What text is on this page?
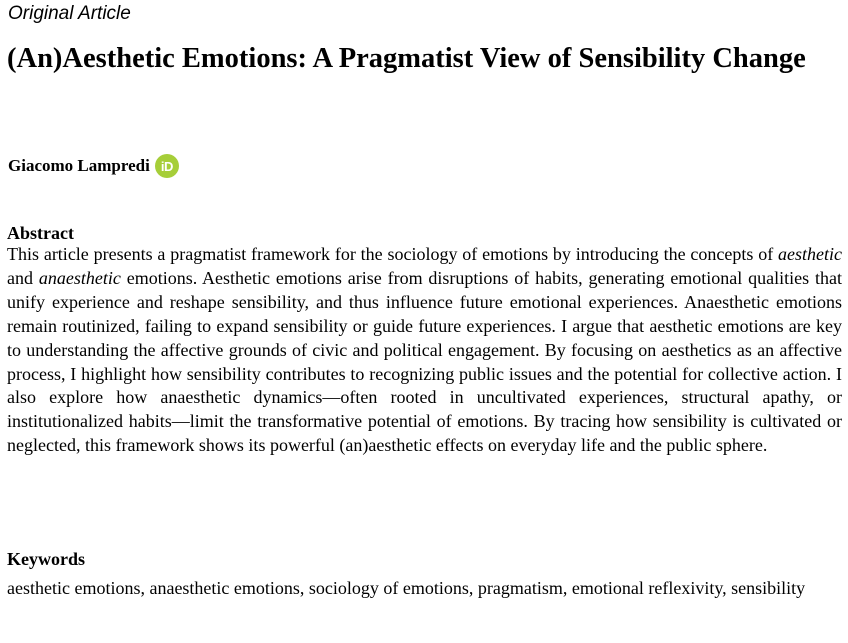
Original Article

(An)Aesthetic Emotions: A Pragmatist View of Sensibility Change
Giacomo Lampredi iD
Abstract

This article presents a pragmatist framework for the sociology of emotions by introducing the concepts of aesthetic and anaesthetic emotions. Aesthetic emotions arise from disruptions of habits, generating emotional qualities that unify experience and reshape sensibility, and thus influence future emotional experiences. Anaesthetic emotions remain routinized, failing to expand sensibility or guide future experiences. I argue that aesthetic emotions are key to understanding the affective grounds of civic and political engagement. By focusing on aesthetics as an affective process, I highlight how sensibility contributes to recognizing public issues and the potential for collective action. I also explore how anaesthetic dynamics—often rooted in uncultivated experiences, structural apathy, or institutionalized habits—limit the transformative potential of emotions. By tracing how sensibility is cultivated or neglected, this framework shows its powerful (an)aesthetic effects on everyday life and the public sphere.

Keywords

aesthetic emotions, anaesthetic emotions, sociology of emotions, pragmatism, emotional reflexivity, sensibility
